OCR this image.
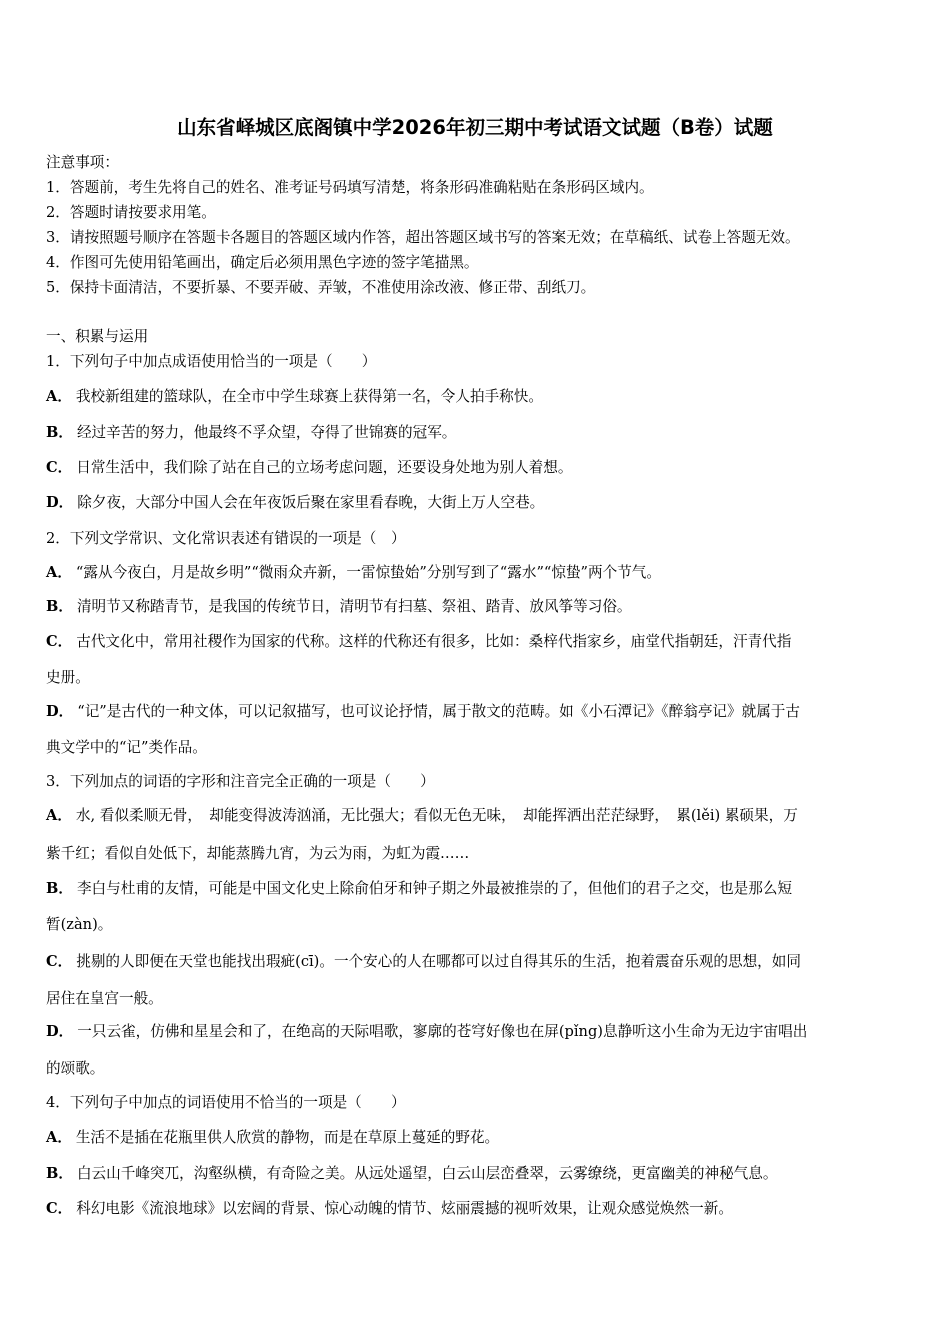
山东省峄城区底阁镇中学2026年初三期中考试语文试题（B卷）试题
注意事项：
1．答题前，考生先将自己的姓名、准考证号码填写清楚，将条形码准确粘贴在条形码区域内。
2．答题时请按要求用笔。
3．请按照题号顺序在答题卡各题目的答题区域内作答，超出答题区域书写的答案无效；在草稿纸、试卷上答题无效。
4．作图可先使用铅笔画出，确定后必须用黑色字迹的签字笔描黑。
5．保持卡面清洁，不要折暴、不要弄破、弄皱，不准使用涂改液、修正带、刮纸刀。
一、积累与运用
1．下列句子中加点成语使用恰当的一项是（　　）
A． 我校新组建的篮球队，在全市中学生球赛上获得第一名，令人拍手称快。
B． 经过辛苦的努力，他最终不孚众望，夺得了世锦赛的冠军。
C． 日常生活中，我们除了站在自己的立场考虑问题，还要设身处地为别人着想。
D． 除夕夜，大部分中国人会在年夜饭后聚在家里看春晚，大街上万人空巷。
2．下列文学常识、文化常识表述有错误的一项是（　）
A． “露从今夜白，月是故乡明”“微雨众卉新，一雷惊蛰始”分别写到了“露水”“惊蛰”两个节气。
B． 清明节又称踏青节，是我国的传统节日，清明节有扫墓、祭祖、踏青、放风筝等习俗。
C． 古代文化中，常用社稷作为国家的代称。这样的代称还有很多，比如：桑梓代指家乡，庙堂代指朝廷，汗青代指
史册。
D． “记”是古代的一种文体，可以记叙描写，也可议论抒情，属于散文的范畴。如《小石潭记》《醉翁亭记》就属于古
典文学中的“记”类作品。
3．下列加点的词语的字形和注音完全正确的一项是（　　）
A． 水, 看似柔顺无骨，　却能变得波涛汹涌，无比强大；看似无色无味，　却能挥洒出茫茫绿野，　累(lěi) 累硕果，万
紫千红；看似自处低下，却能蒸腾九宵，为云为雨，为虹为霞……
B． 李白与杜甫的友情，可能是中国文化史上除俞伯牙和钟子期之外最被推崇的了，但他们的君子之交，也是那么短
暂(zàn)。
C． 挑剔的人即便在天堂也能找出瑕疵(cī)。一个安心的人在哪都可以过自得其乐的生活，抱着震奋乐观的思想，如同
居住在皇宫一般。
D． 一只云雀，仿佛和星星会和了，在绝高的天际唱歌，寥廓的苍穹好像也在屏(pǐng)息静听这小生命为无边宇宙唱出
的颂歌。
4．下列句子中加点的词语使用不恰当的一项是（　　）
A． 生活不是插在花瓶里供人欣赏的静物，而是在草原上蔓延的野花。
B． 白云山千峰突兀，沟壑纵横，有奇险之美。从远处遥望，白云山层峦叠翠，云雾缭绕，更富幽美的神秘气息。
C． 科幻电影《流浪地球》以宏阔的背景、惊心动魄的情节、炫丽震撼的视听效果，让观众感觉焕然一新。
